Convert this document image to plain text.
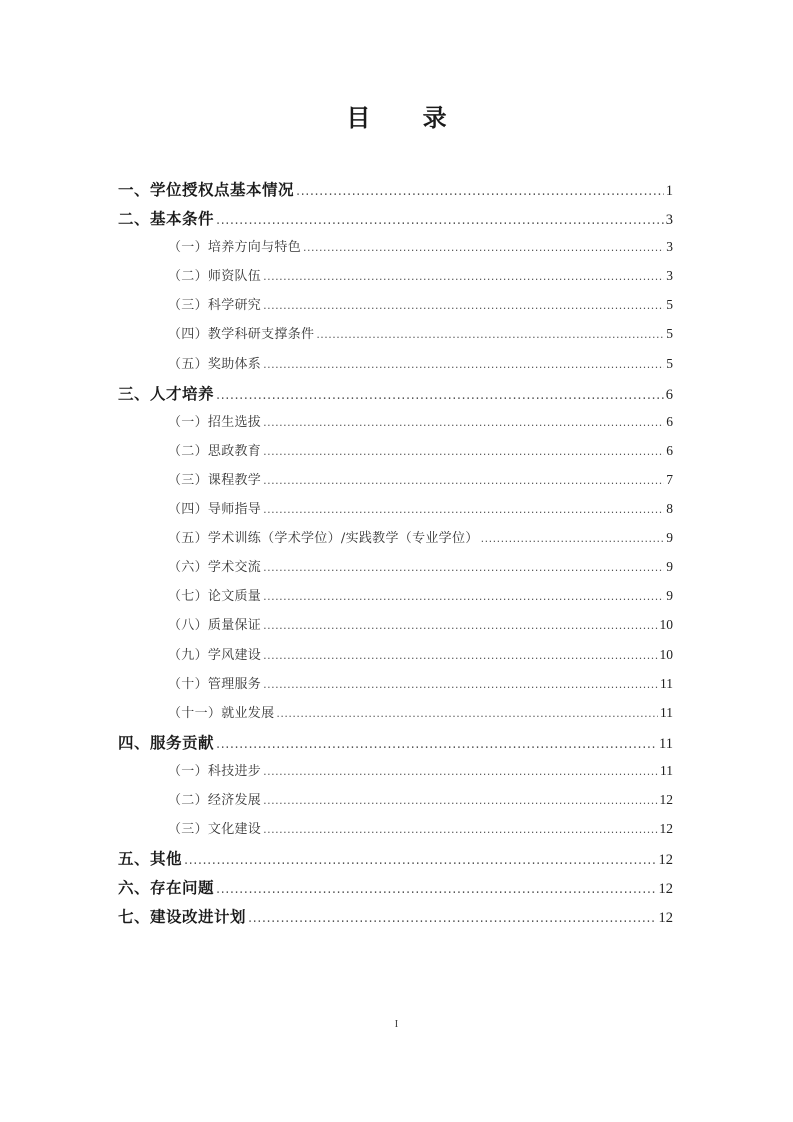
目 录
一、学位授权点基本情况 .....	1
二、基本条件 .....	3
（一）培养方向与特色 .....	3
（二）师资队伍 .....	3
（三）科学研究 .....	5
（四）教学科研支撑条件 .....	5
（五）奖助体系 .....	5
三、人才培养 .....	6
（一）招生选拔 .....	6
（二）思政教育 .....	6
（三）课程教学 .....	7
（四）导师指导 .....	8
（五）学术训练（学术学位）/实践教学（专业学位） .....	9
（六）学术交流 .....	9
（七）论文质量 .....	9
（八）质量保证 .....	10
（九）学风建设 .....	10
（十）管理服务 .....	11
（十一）就业发展 .....	11
四、服务贡献 .....	11
（一）科技进步 .....	11
（二）经济发展 .....	12
（三）文化建设 .....	12
五、其他 .....	12
六、存在问题 .....	12
七、建设改进计划 .....	12
I
